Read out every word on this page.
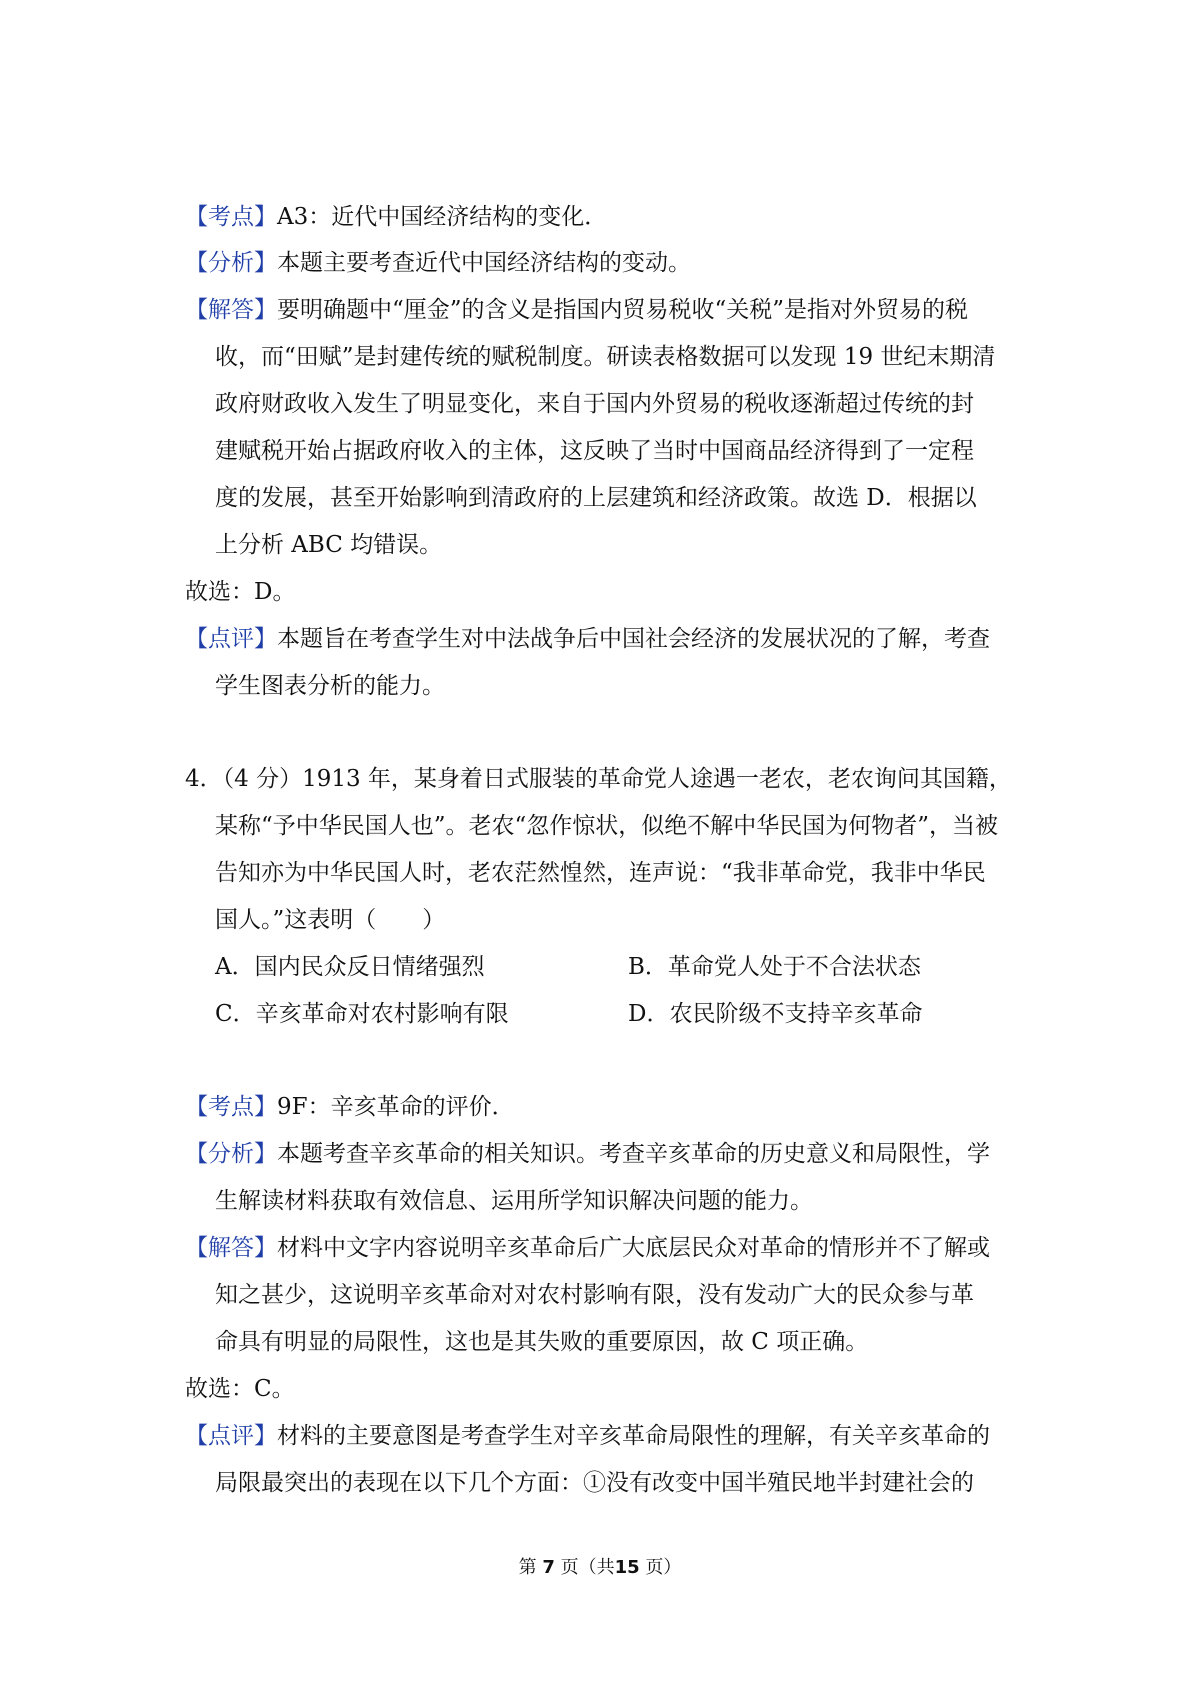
【考点】A3：近代中国经济结构的变化．
【分析】本题主要考查近代中国经济结构的变动。
【解答】要明确题中“厘金”的含义是指国内贸易税收“关税”是指对外贸易的税
收，而“田赋”是封建传统的赋税制度。研读表格数据可以发现 19 世纪末期清
政府财政收入发生了明显变化，来自于国内外贸易的税收逐渐超过传统的封
建赋税开始占据政府收入的主体，这反映了当时中国商品经济得到了一定程
度的发展，甚至开始影响到清政府的上层建筑和经济政策。故选 D．根据以
上分析 ABC 均错误。
故选：D。
【点评】本题旨在考查学生对中法战争后中国社会经济的发展状况的了解，考查
学生图表分析的能力。
4．（4 分）1913 年，某身着日式服装的革命党人途遇一老农，老农询问其国籍，
某称“予中华民国人也”。老农“忽作惊状，似绝不解中华民国为何物者”，当被
告知亦为中华民国人时，老农茫然惶然，连声说：“我非革命党，我非中华民
国人。”这表明（　　）
A．国内民众反日情绪强烈	B．革命党人处于不合法状态
C．辛亥革命对农村影响有限	D．农民阶级不支持辛亥革命
【考点】9F：辛亥革命的评价．
【分析】本题考查辛亥革命的相关知识。考查辛亥革命的历史意义和局限性，学
生解读材料获取有效信息、运用所学知识解决问题的能力。
【解答】材料中文字内容说明辛亥革命后广大底层民众对革命的情形并不了解或
知之甚少，这说明辛亥革命对对农村影响有限，没有发动广大的民众参与革
命具有明显的局限性，这也是其失败的重要原因，故 C 项正确。
故选：C。
【点评】材料的主要意图是考查学生对辛亥革命局限性的理解，有关辛亥革命的
局限最突出的表现在以下几个方面：①没有改变中国半殖民地半封建社会的
第 7 页（共15 页）
